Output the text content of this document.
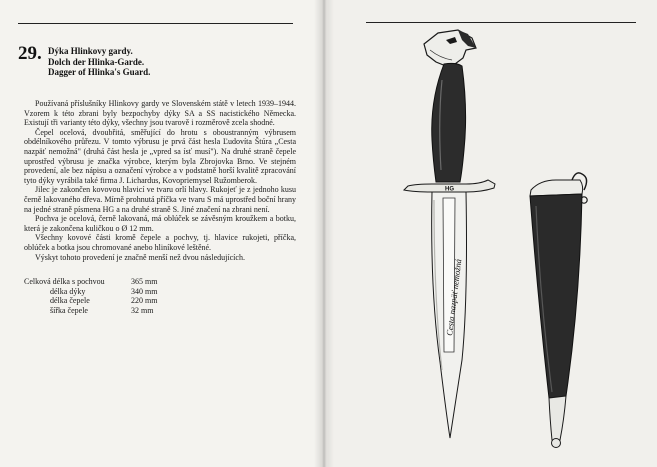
29. Dýka Hlinkovy gardy.
Dolch der Hlinka-Garde.
Dagger of Hlinka's Guard.

Používaná příslušníky Hlinkovy gardy ve Slovenském státě v letech 1939–1944. Vzorem k této zbrani byly bezpochyby dýky SA a SS nacistického Německa. Existují tři varianty této dýky, všechny jsou tvarově i rozměrově zcela shodné.

Čepel ocelová, dvoubřitá, směřující do hrotu s oboustranným výbrusem obdélníkového průřezu. V tomto výbrusu je prvá část hesla Ľudovíta Štúra „Cesta nazpäť nemožná" (druhá část hesla je „vpred sa ísť musí"). Na druhé straně čepele uprostřed výbrusu je značka výrobce, kterým byla Zbrojovka Brno. Ve stejném provedení, ale bez nápisu a označení výrobce a v podstatně horší kvalitě zpracování tyto dýky vyrábila také firma J. Lichardus, Kovopriemysel Ružomberok.

Jilec je zakončen kovovou hlavicí ve tvaru orlí hlavy. Rukojeť je z jednoho kusu černě lakovaného dřeva. Mírně prohnutá příčka ve tvaru S má uprostřed boční hrany na jedné straně písmena HG a na druhé straně S. Jiné značení na zbrani není.

Pochva je ocelová, černě lakovaná, má oblúček se závěsným kroužkem a botku, která je zakončena kuličkou o Ø 12 mm.

Všechny kovové části kromě čepele a pochvy, tj. hlavice rukojeti, příčka, oblúček a botka jsou chromované anebo hliníkové leštěné.

Výskyt tohoto provedení je značně menší než dvou následujících.

Celková délka s pochvou	365 mm
délka dýky	340 mm
délka čepele	220 mm
šířka čepele	32 mm
HG
Cesta nazpäť nemožná
